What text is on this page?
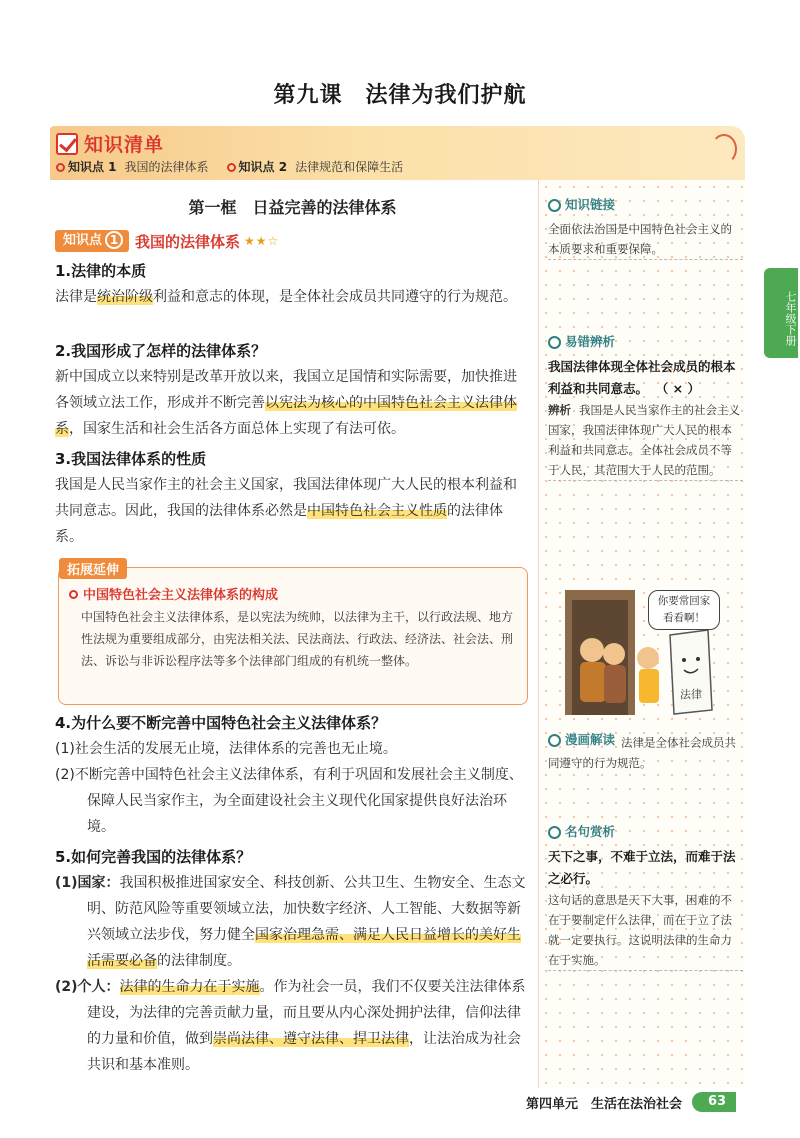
第九课　法律为我们护航
知识清单
知识点 1 我国的法律体系	知识点 2 法律规范和保障生活
七年级下册
第一框　日益完善的法律体系
知识点 1	我国的法律体系 ★★☆
1.法律的本质
法律是统治阶级利益和意志的体现，是全体社会成员共同遵守的行为规范。
2.我国形成了怎样的法律体系？
新中国成立以来特别是改革开放以来，我国立足国情和实际需要，加快推进各领域立法工作，形成并不断完善以宪法为核心的中国特色社会主义法律体系，国家生活和社会生活各方面总体上实现了有法可依。
3.我国法律体系的性质
我国是人民当家作主的社会主义国家，我国法律体现广大人民的根本利益和共同意志。因此，我国的法律体系必然是中国特色社会主义性质的法律体系。
拓展延伸
中国特色社会主义法律体系的构成
中国特色社会主义法律体系，是以宪法为统帅，以法律为主干，以行政法规、地方性法规为重要组成部分，由宪法相关法、民法商法、行政法、经济法、社会法、刑法、诉讼与非诉讼程序法等多个法律部门组成的有机统一整体。
4.为什么要不断完善中国特色社会主义法律体系？
(1)社会生活的发展无止境，法律体系的完善也无止境。
(2)不断完善中国特色社会主义法律体系，有利于巩固和发展社会主义制度、保障人民当家作主，为全面建设社会主义现代化国家提供良好法治环境。
5.如何完善我国的法律体系？
(1)国家：我国积极推进国家安全、科技创新、公共卫生、生物安全、生态文明、防范风险等重要领域立法，加快数字经济、人工智能、大数据等新兴领域立法步伐，努力健全国家治理急需、满足人民日益增长的美好生活需要必备的法律制度。
(2)个人：法律的生命力在于实施。作为社会一员，我们不仅要关注法律体系建设，为法律的完善贡献力量，而且要从内心深处拥护法律，信仰法律的力量和价值，做到崇尚法律、遵守法律、捍卫法律，让法治成为社会共识和基本准则。
知识链接
全面依法治国是中国特色社会主义的本质要求和重要保障。
易错辨析
我国法律体现全体社会成员的根本利益和共同意志。 （ × ）
辨析 我国是人民当家作主的社会主义国家，我国法律体现广大人民的根本利益和共同意志。全体社会成员不等于人民，其范围大于人民的范围。
法律
你要常回家
看看啊！
漫画解读 法律是全体社会成员共同遵守的行为规范。
名句赏析
天下之事，不难于立法，而难于法之必行。
这句话的意思是天下大事，困难的不在于要制定什么法律，而在于立了法就一定要执行。这说明法律的生命力在于实施。
第四单元　生活在法治社会	63
